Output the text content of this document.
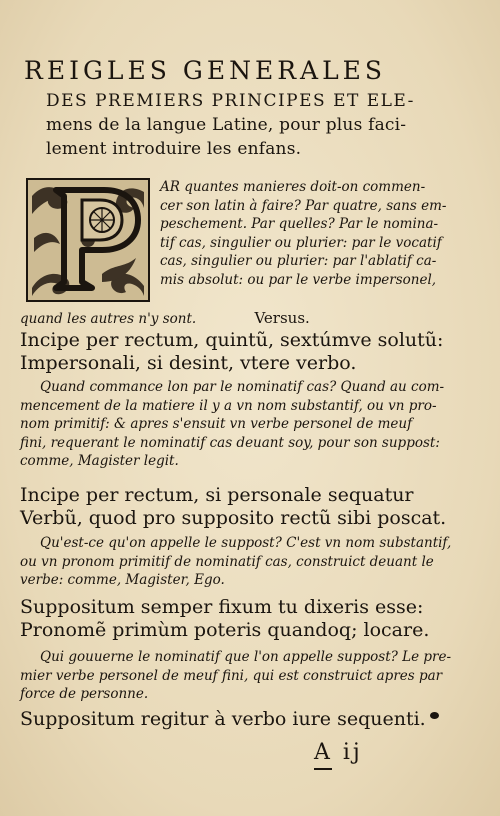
REIGLES GENERALES
DES PREMIERS PRINCIPES ET ELE-
mens de la langue Latine, pour plus faci-
lement introduire les enfans.
AR quantes manieres doit-on commen-
cer son latin à faire? Par quatre, sans em-
peschement. Par quelles? Par le nomina-
tif cas, singulier ou plurier: par le vocatif
cas, singulier ou plurier: par l'ablatif ca-
mis absolut: ou par le verbe impersonel,
quand les autres n'y sont.	Versus.
Incipe per rectum, quintũ, sextúmve solutũ:
Impersonali, si desint, vtere verbo.
Quand commance lon par le nominatif cas? Quand au com-
mencement de la matiere il y a vn nom substantif, ou vn pro-
nom primitif: & apres s'ensuit vn verbe personel de meuf
fini, requerant le nominatif cas deuant soy, pour son suppost:
comme, Magister legit.
Incipe per rectum, si personale sequatur
Verbũ, quod pro supposito rectũ sibi poscat.
Qu'est-ce qu'on appelle le suppost? C'est vn nom substantif,
ou vn pronom primitif de nominatif cas, construict deuant le
verbe: comme, Magister, Ego.
Suppositum semper fixum tu dixeris esse:
Pronomẽ primùm poteris quandoq; locare.
Qui gouuerne le nominatif que l'on appelle suppost? Le pre-
mier verbe personel de meuf fini, qui est construict apres par
force de personne.
Suppositum regitur à verbo iure sequenti.
A ij
